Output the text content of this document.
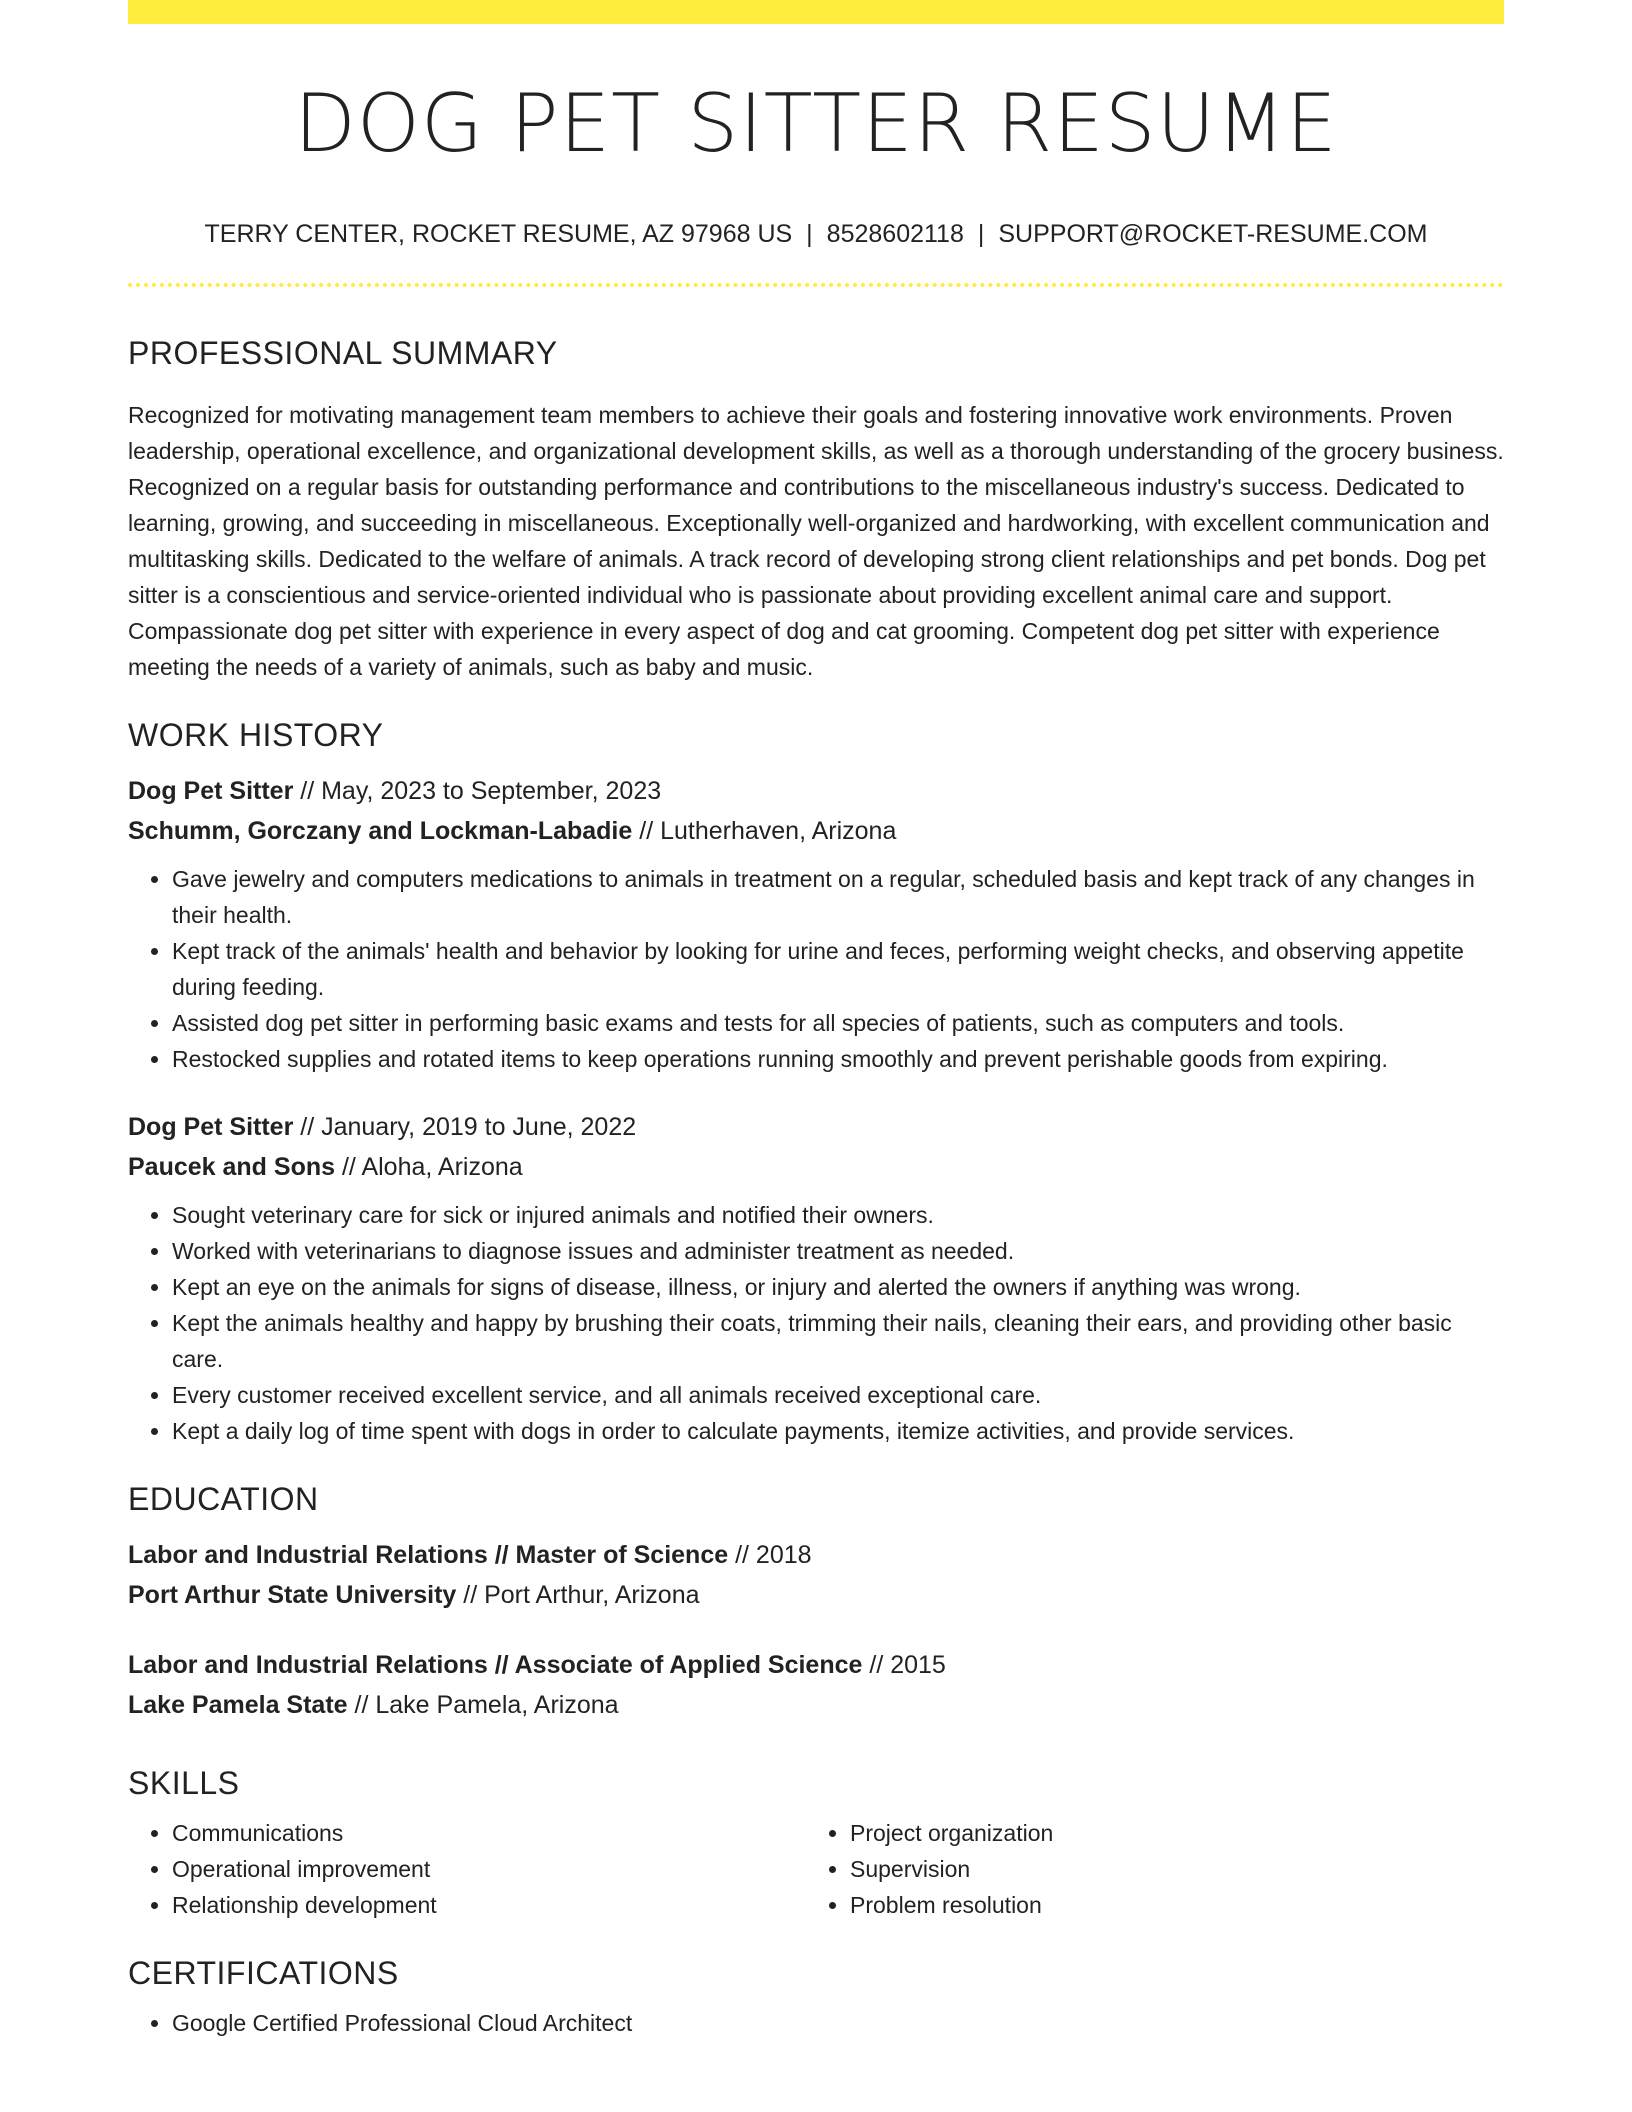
DOG PET SITTER RESUME
TERRY CENTER, ROCKET RESUME, AZ 97968 US | 8528602118 | SUPPORT@ROCKET-RESUME.COM
PROFESSIONAL SUMMARY

Recognized for motivating management team members to achieve their goals and fostering innovative work environments. Proven leadership, operational excellence, and organizational development skills, as well as a thorough understanding of the grocery business. Recognized on a regular basis for outstanding performance and contributions to the miscellaneous industry's success. Dedicated to learning, growing, and succeeding in miscellaneous. Exceptionally well-organized and hardworking, with excellent communication and multitasking skills. Dedicated to the welfare of animals. A track record of developing strong client relationships and pet bonds. Dog pet sitter is a conscientious and service-oriented individual who is passionate about providing excellent animal care and support. Compassionate dog pet sitter with experience in every aspect of dog and cat grooming. Competent dog pet sitter with experience meeting the needs of a variety of animals, such as baby and music.

WORK HISTORY
Dog Pet Sitter // May, 2023 to September, 2023
Schumm, Gorczany and Lockman-Labadie // Lutherhaven, Arizona
• Gave jewelry and computers medications to animals in treatment on a regular, scheduled basis and kept track of any changes in their health.
• Kept track of the animals' health and behavior by looking for urine and feces, performing weight checks, and observing appetite during feeding.
• Assisted dog pet sitter in performing basic exams and tests for all species of patients, such as computers and tools.
• Restocked supplies and rotated items to keep operations running smoothly and prevent perishable goods from expiring.
Dog Pet Sitter // January, 2019 to June, 2022
Paucek and Sons // Aloha, Arizona
• Sought veterinary care for sick or injured animals and notified their owners.
• Worked with veterinarians to diagnose issues and administer treatment as needed.
• Kept an eye on the animals for signs of disease, illness, or injury and alerted the owners if anything was wrong.
• Kept the animals healthy and happy by brushing their coats, trimming their nails, cleaning their ears, and providing other basic care.
• Every customer received excellent service, and all animals received exceptional care.
• Kept a daily log of time spent with dogs in order to calculate payments, itemize activities, and provide services.
EDUCATION
Labor and Industrial Relations // Master of Science // 2018
Port Arthur State University // Port Arthur, Arizona
Labor and Industrial Relations // Associate of Applied Science // 2015
Lake Pamela State // Lake Pamela, Arizona
SKILLS
• Communications
• Operational improvement
• Relationship development
• Project organization
• Supervision
• Problem resolution
CERTIFICATIONS
• Google Certified Professional Cloud Architect
